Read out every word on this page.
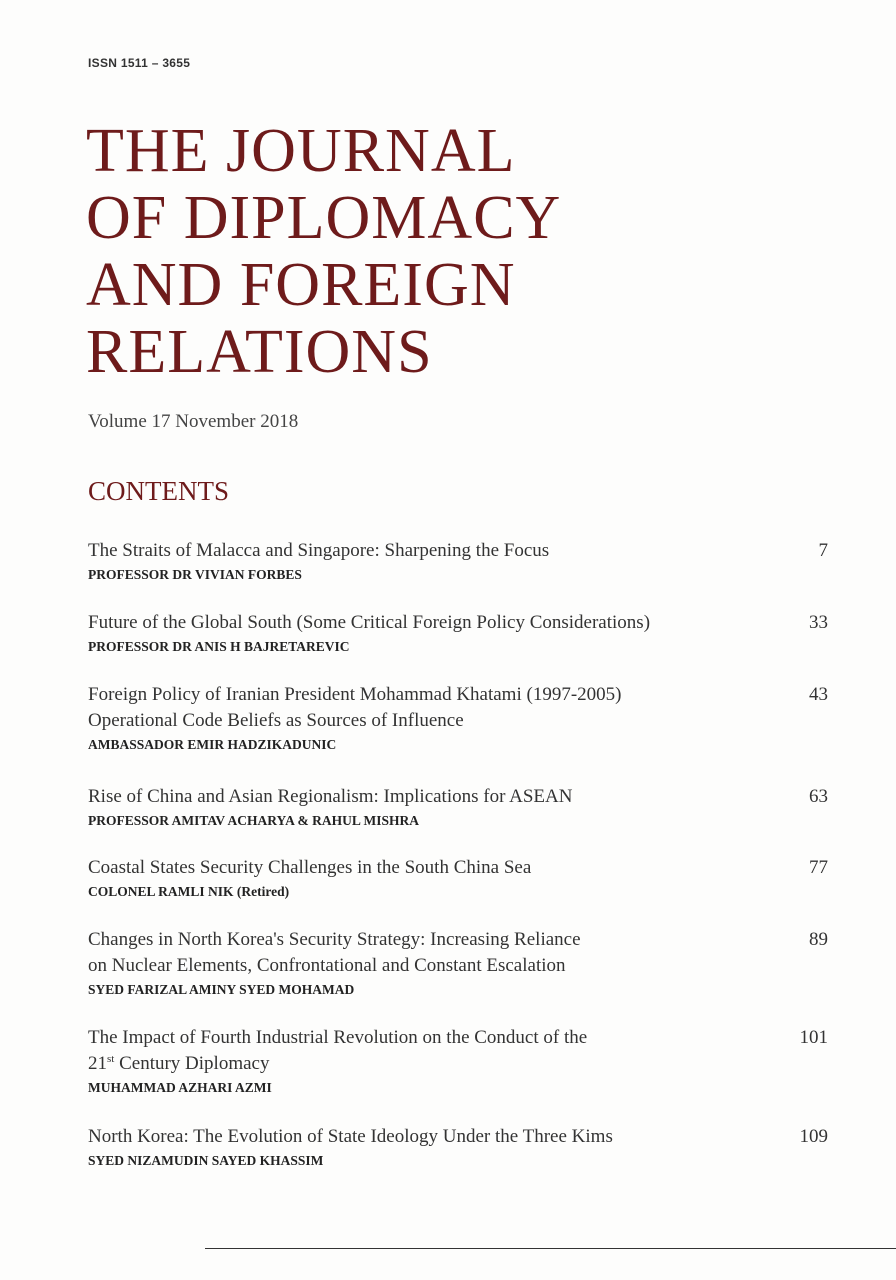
ISSN 1511 – 3655
THE JOURNAL
OF DIPLOMACY
AND FOREIGN
RELATIONS
Volume 17 November 2018
CONTENTS
The Straits of Malacca and Singapore: Sharpening the Focus
PROFESSOR DR VIVIAN FORBES
7
Future of the Global South (Some Critical Foreign Policy Considerations)
PROFESSOR DR ANIS H BAJRETAREVIC
33
Foreign Policy of Iranian President Mohammad Khatami (1997-2005)
Operational Code Beliefs as Sources of Influence
AMBASSADOR EMIR HADZIKADUNIC
43
Rise of China and Asian Regionalism: Implications for ASEAN
PROFESSOR AMITAV ACHARYA & RAHUL MISHRA
63
Coastal States Security Challenges in the South China Sea
COLONEL RAMLI NIK (Retired)
77
Changes in North Korea's Security Strategy: Increasing Reliance
on Nuclear Elements, Confrontational and Constant Escalation
SYED FARIZAL AMINY SYED MOHAMAD
89
The Impact of Fourth Industrial Revolution on the Conduct of the
21st Century Diplomacy
MUHAMMAD AZHARI AZMI
101
North Korea: The Evolution of State Ideology Under the Three Kims
SYED NIZAMUDIN SAYED KHASSIM
109
